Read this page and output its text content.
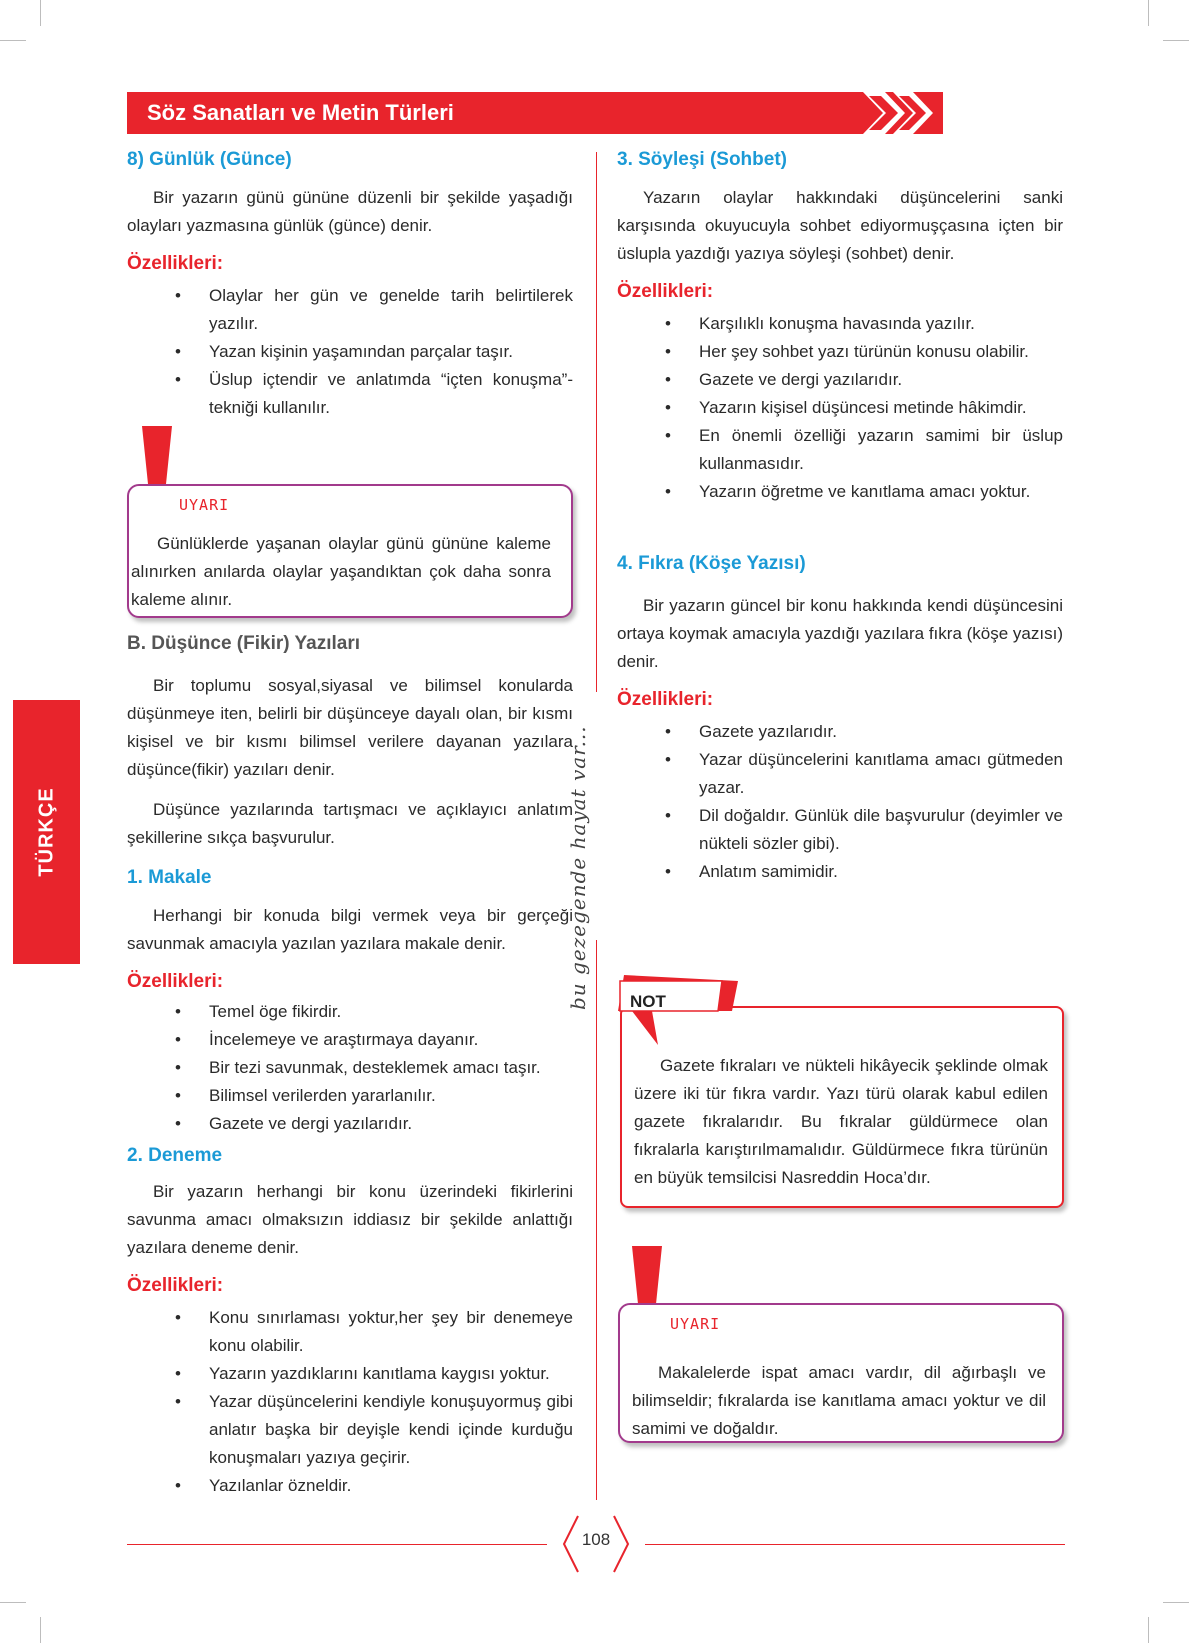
Söz Sanatları ve Metin Türleri
TÜRKÇE	bu gezegende hayat var...
8) Günlük (Günce)

Bir yazarın günü gününe düzenli bir şekilde yaşadığı olayları yazmasına günlük (günce) denir.

Özellikleri:
• Olaylar her gün ve genelde tarih belirtilerek yazılır.
• Yazan kişinin yaşamından parçalar taşır.
• Üslup içtendir ve anlatımda “içten konuşma”-tekniği kullanılır.
UYARI

Günlüklerde yaşanan olaylar günü gününe kaleme alınırken anılarda olaylar yaşandıktan çok daha sonra kaleme alınır.

B. Düşünce (Fikir) Yazıları

Bir toplumu sosyal,siyasal ve bilimsel konularda düşünmeye iten, belirli bir düşünceye dayalı olan, bir kısmı kişisel ve bir kısmı bilimsel verilere dayanan yazılara düşünce(fikir) yazıları denir.

Düşünce yazılarında tartışmacı ve açıklayıcı anlatım şekillerine sıkça başvurulur.

1. Makale

Herhangi bir konuda bilgi vermek veya bir gerçeği savunmak amacıyla yazılan yazılara makale denir.

Özellikleri:
• Temel öge fikirdir.
• İncelemeye ve araştırmaya dayanır.
• Bir tezi savunmak, desteklemek amacı taşır.
• Bilimsel verilerden yararlanılır.
• Gazete ve dergi yazılarıdır.
2. Deneme

Bir yazarın herhangi bir konu üzerindeki fikirlerini savunma amacı olmaksızın iddiasız bir şekilde anlattığı yazılara deneme denir.

Özellikleri:
• Konu sınırlaması yoktur,her şey bir denemeye konu olabilir.
• Yazarın yazdıklarını kanıtlama kaygısı yoktur.
• Yazar düşüncelerini kendiyle konuşuyormuş gibi anlatır başka bir deyişle kendi içinde kurduğu konuşmaları yazıya geçirir.
• Yazılanlar özneldir.
3. Söyleşi (Sohbet)

Yazarın olaylar hakkındaki düşüncelerini sanki karşısında okuyucuyla sohbet ediyormuşçasına içten bir üslupla yazdığı yazıya söyleşi (sohbet) denir.

Özellikleri:
• Karşılıklı konuşma havasında yazılır.
• Her şey sohbet yazı türünün konusu olabilir.
• Gazete ve dergi yazılarıdır.
• Yazarın kişisel düşüncesi metinde hâkimdir.
• En önemli özelliği yazarın samimi bir üslup kullanmasıdır.
• Yazarın öğretme ve kanıtlama amacı yoktur.
4. Fıkra (Köşe Yazısı)

Bir yazarın güncel bir konu hakkında kendi düşüncesini ortaya koymak amacıyla yazdığı yazılara fıkra (köşe yazısı) denir.

Özellikleri:
• Gazete yazılarıdır.
• Yazar düşüncelerini kanıtlama amacı gütmeden yazar.
• Dil doğaldır. Günlük dile başvurulur (deyimler ve nükteli sözler gibi).
• Anlatım samimidir.

Gazete fıkraları ve nükteli hikâyecik şeklinde olmak üzere iki tür fıkra vardır. Yazı türü olarak kabul edilen gazete fıkralarıdır. Bu fıkralar güldürmece olan fıkralarla karıştırılmamalıdır. Güldürmece fıkra türünün en büyük temsilcisi Nasreddin Hoca’dır.

NOT
UYARI

Makalelerde ispat amacı vardır, dil ağırbaşlı ve bilimseldir; fıkralarda ise kanıtlama amacı yoktur ve dil samimi ve doğaldır.

108
